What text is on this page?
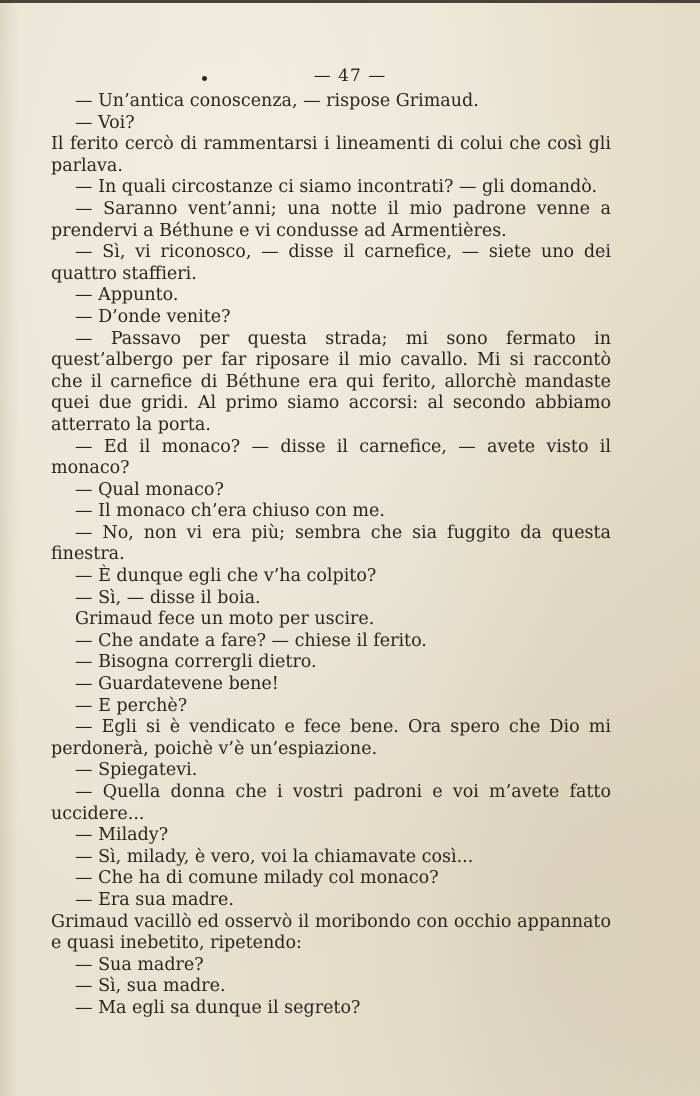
— 47 —

— Un’antica conoscenza, — rispose Grimaud.

— Voi?

Il ferito cercò di rammentarsi i lineamenti di colui che così gli parlava.

— In quali circostanze ci siamo incontrati? — gli domandò.

— Saranno vent’anni; una notte il mio padrone venne a prendervi a Béthune e vi condusse ad Armentières.

— Sì, vi riconosco, — disse il carnefice, — siete uno dei quattro staffieri.

— Appunto.

— D’onde venite?

— Passavo per questa strada; mi sono fermato in quest’albergo per far riposare il mio cavallo. Mi si raccontò che il carnefice di Béthune era qui ferito, allorchè mandaste quei due gridi. Al primo siamo accorsi: al secondo abbiamo atterrato la porta.

— Ed il monaco? — disse il carnefice, — avete visto il monaco?

— Qual monaco?

— Il monaco ch’era chiuso con me.

— No, non vi era più; sembra che sia fuggito da questa finestra.

— È dunque egli che v’ha colpito?

— Sì, — disse il boia.

Grimaud fece un moto per uscire.

— Che andate a fare? — chiese il ferito.

— Bisogna corrergli dietro.

— Guardatevene bene!

— E perchè?

— Egli si è vendicato e fece bene. Ora spero che Dio mi perdonerà, poichè v’è un’espiazione.

— Spiegatevi.

— Quella donna che i vostri padroni e voi m’avete fatto uccidere...

— Milady?

— Sì, milady, è vero, voi la chiamavate così...

— Che ha di comune milady col monaco?

— Era sua madre.

Grimaud vacillò ed osservò il moribondo con occhio appannato e quasi inebetito, ripetendo:

— Sua madre?

— Sì, sua madre.

— Ma egli sa dunque il segreto?
